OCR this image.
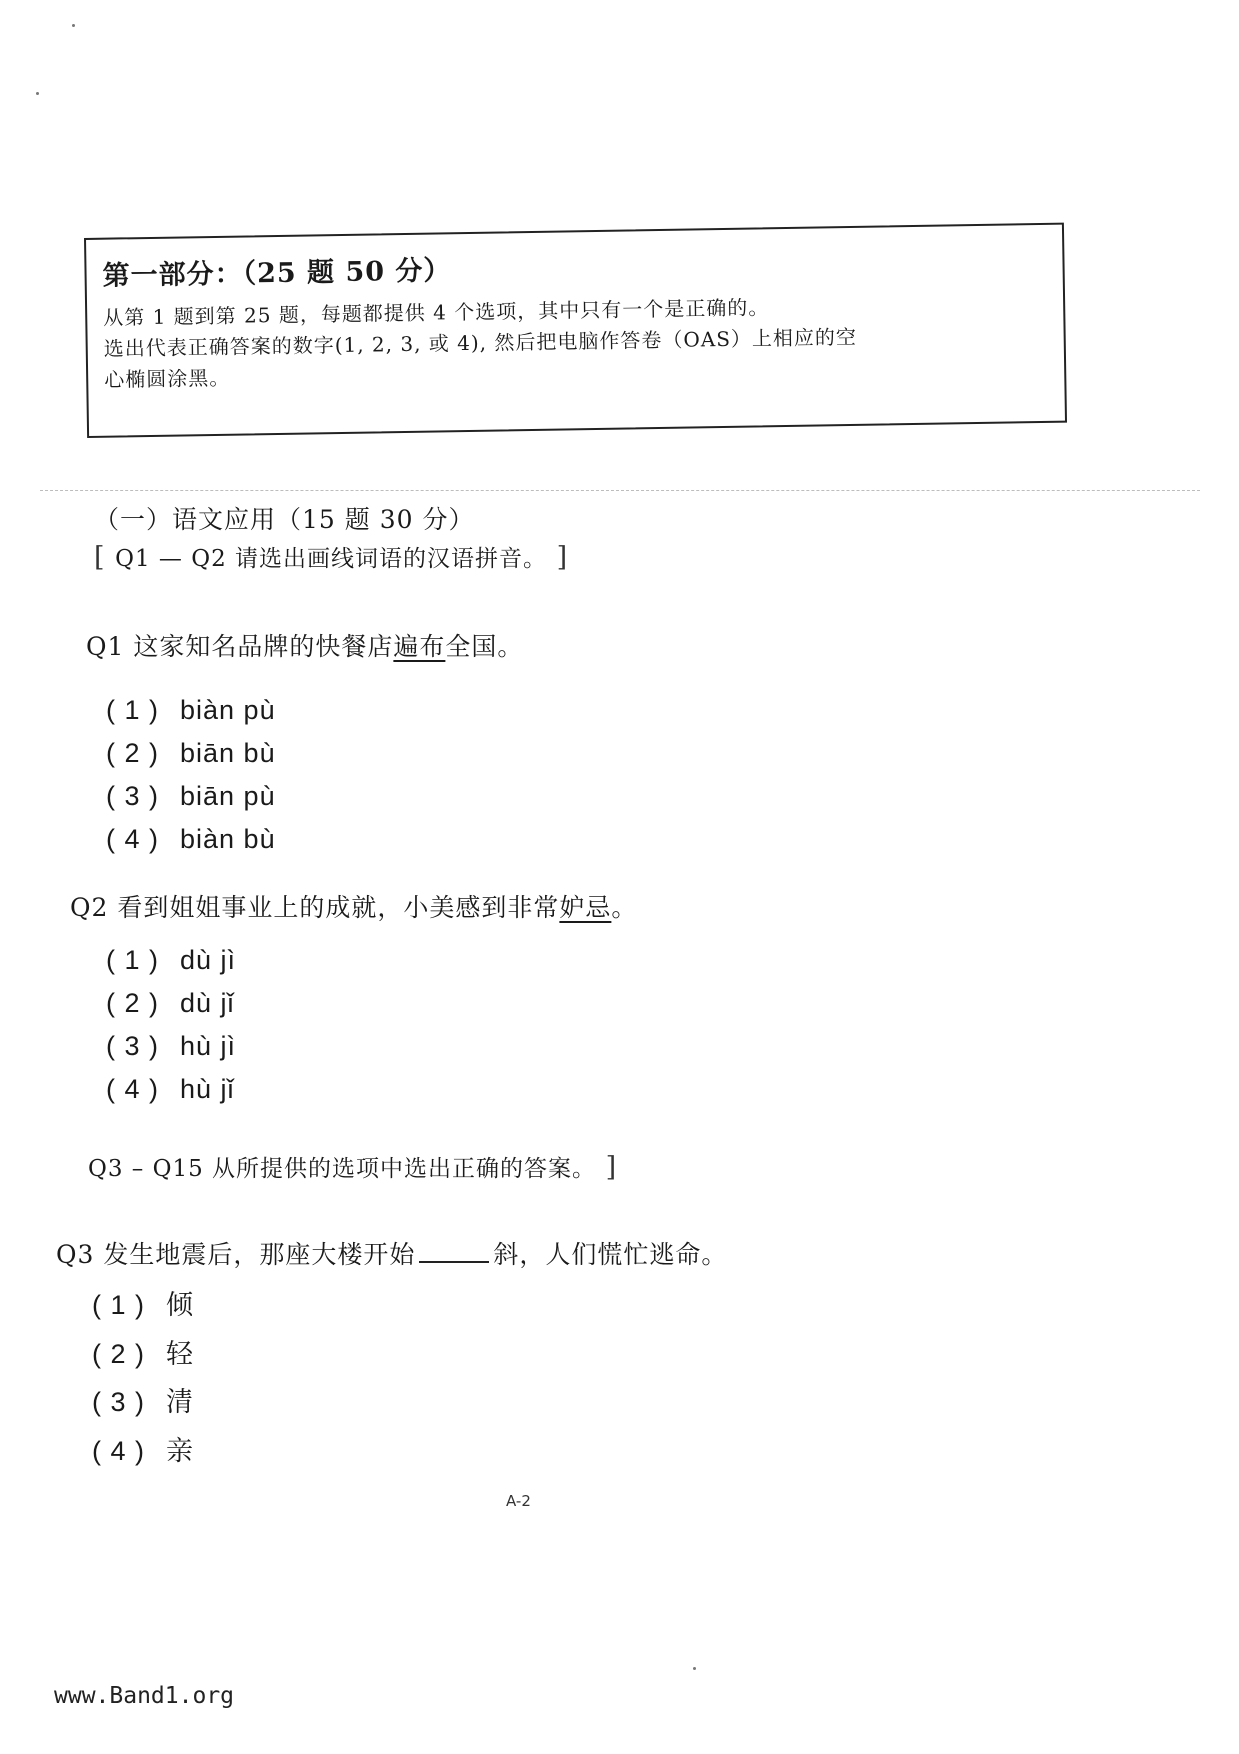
第一部分：（25 题 50 分）
从第 1 题到第 25 题，每题都提供 4 个选项，其中只有一个是正确的。
选出代表正确答案的数字(1, 2, 3, 或 4), 然后把电脑作答卷（OAS）上相应的空
心椭圆涂黑。
（一）语文应用（15 题 30 分）
[ Q1 — Q2 请选出画线词语的汉语拼音。 ]
Q1 这家知名品牌的快餐店遍布全国。
( 1 ) biàn pù
( 2 ) biān bù
( 3 ) biān pù
( 4 ) biàn bù
Q2 看到姐姐事业上的成就，小美感到非常妒忌。
( 1 ) dù jì
( 2 ) dù jǐ
( 3 ) hù jì
( 4 ) hù jǐ
Q3 – Q15 从所提供的选项中选出正确的答案。 ]
Q3 发生地震后，那座大楼开始	斜，人们慌忙逃命。
( 1 ) 倾
( 2 ) 轻
( 3 ) 清
( 4 ) 亲
A-2
www.Band1.org
